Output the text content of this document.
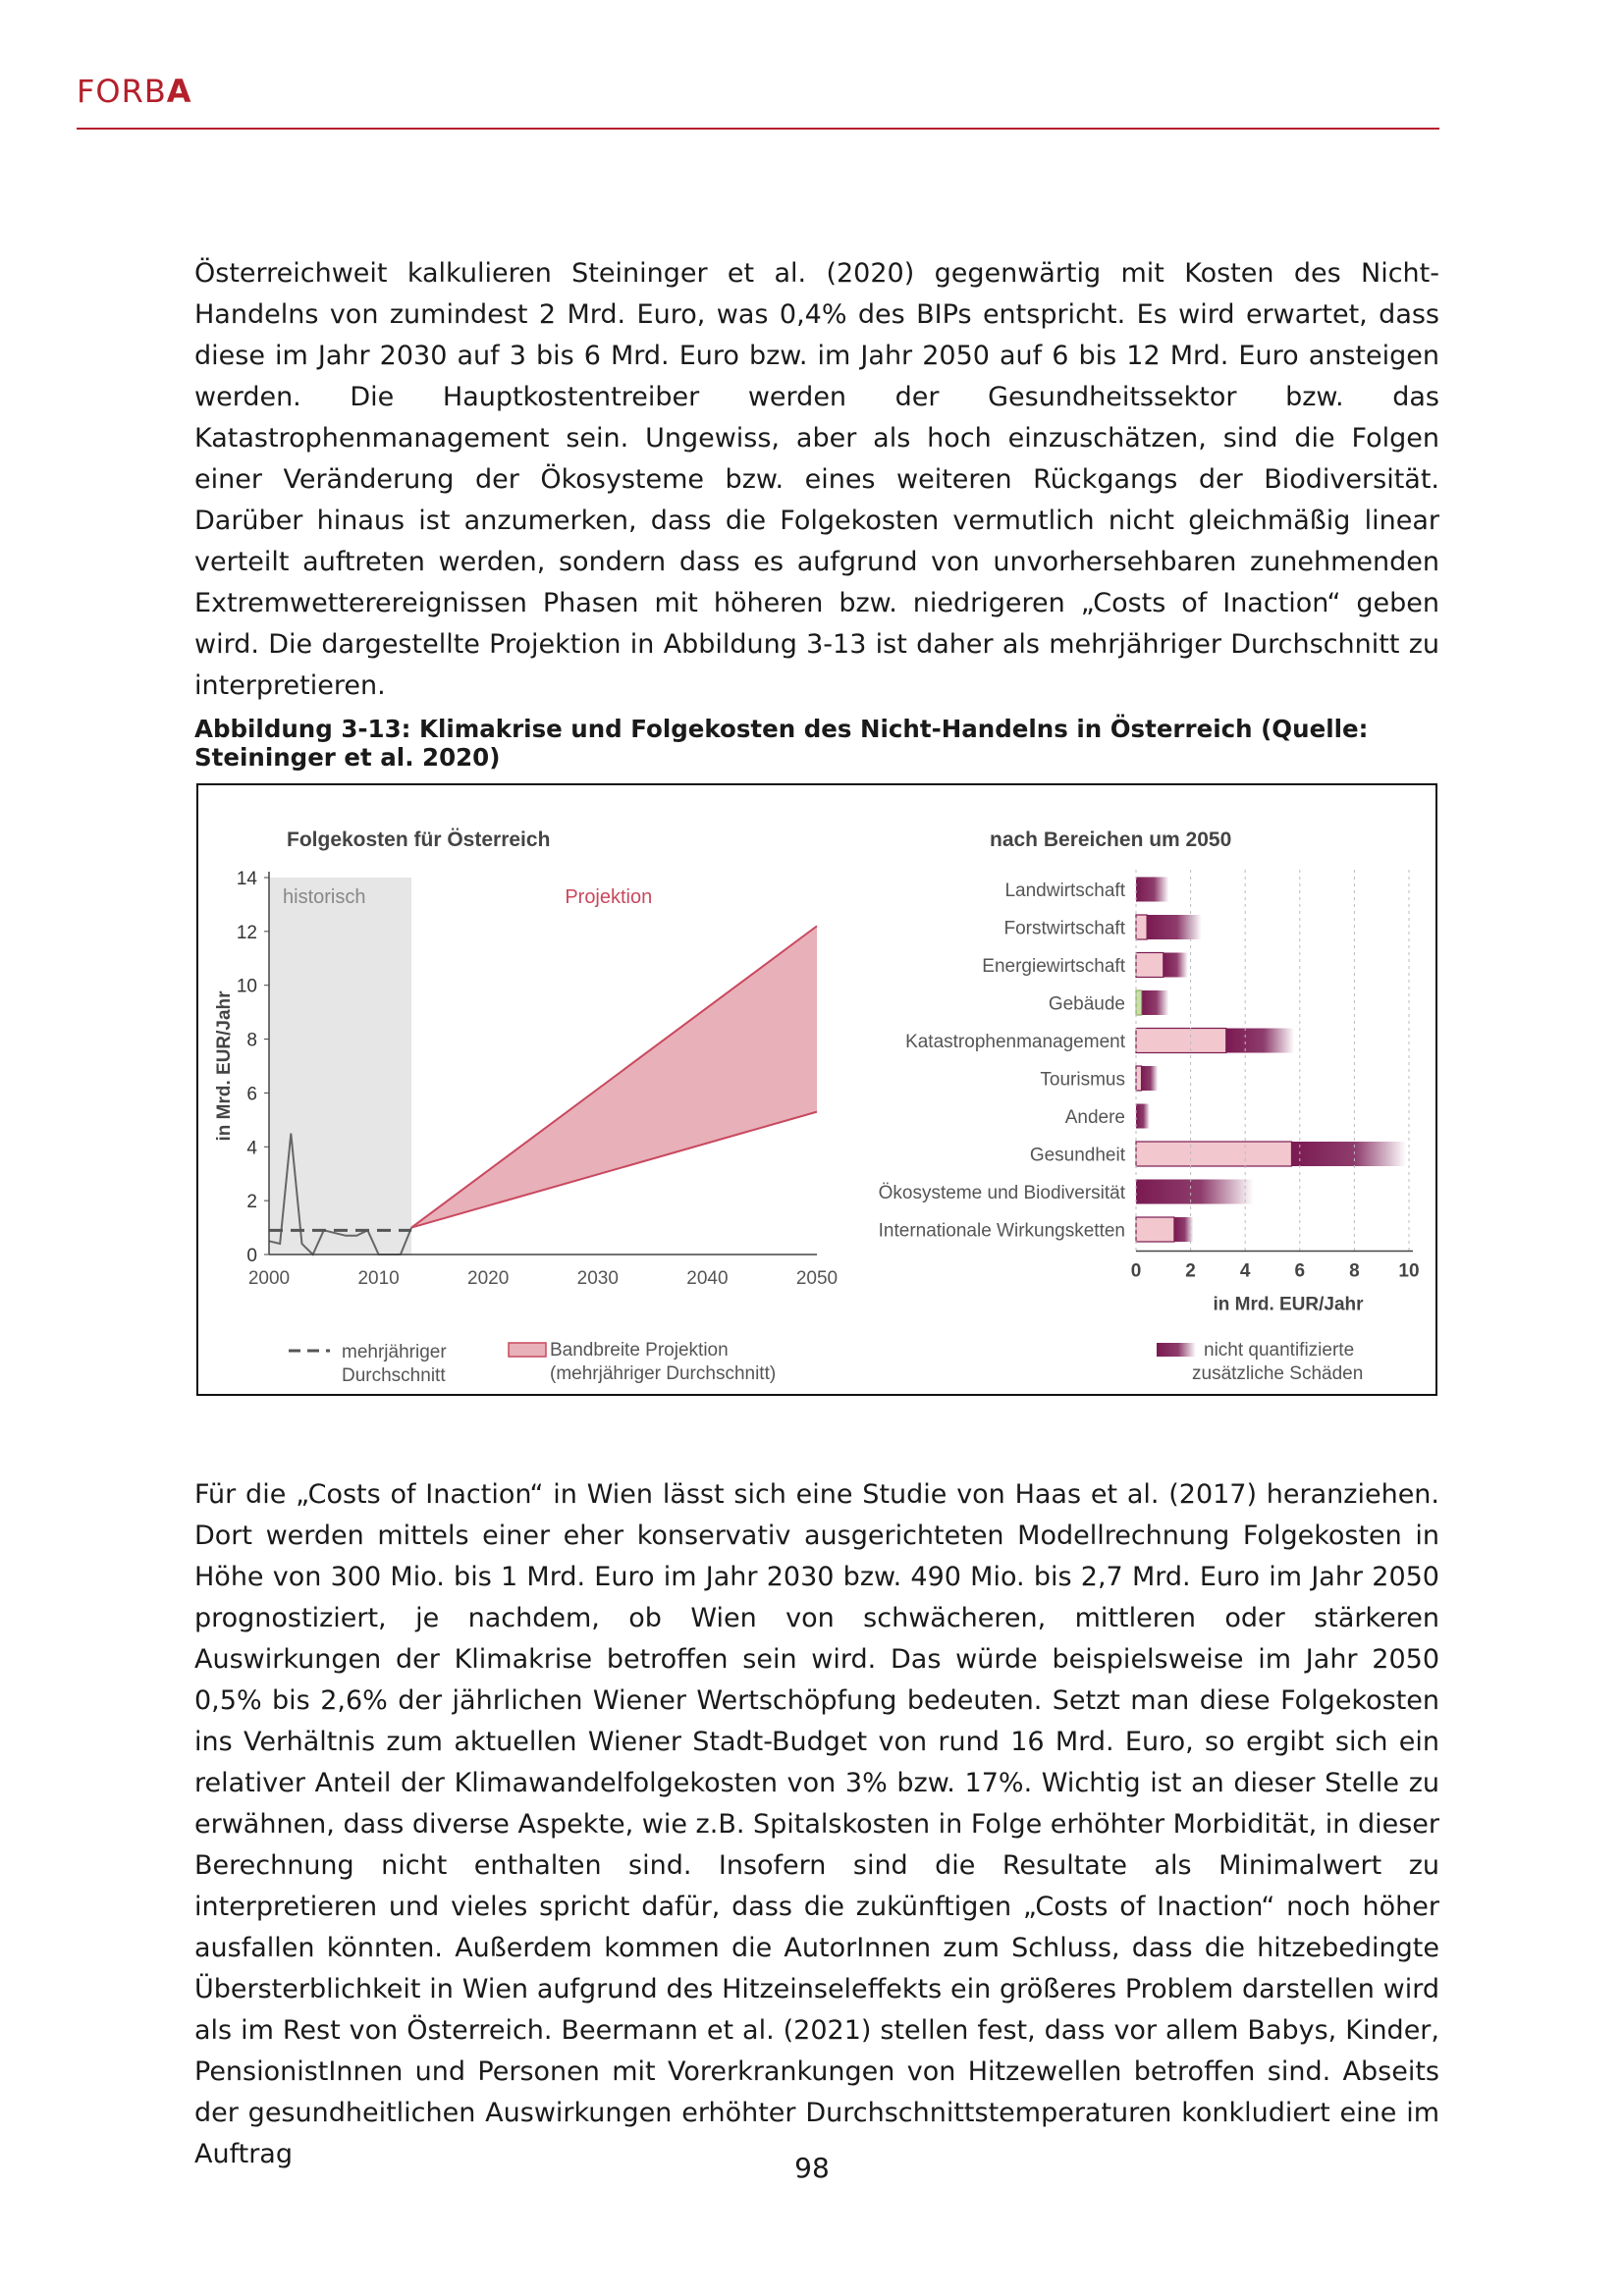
FORBA
Österreichweit kalkulieren Steininger et al. (2020) gegenwärtig mit Kosten des Nicht-Handelns von zumindest 2 Mrd. Euro, was 0,4% des BIPs entspricht. Es wird erwartet, dass diese im Jahr 2030 auf 3 bis 6 Mrd. Euro bzw. im Jahr 2050 auf 6 bis 12 Mrd. Euro ansteigen werden. Die Hauptkostentreiber werden der Gesundheitssektor bzw. das Katastrophenmanagement sein. Ungewiss, aber als hoch einzuschätzen, sind die Folgen einer Veränderung der Ökosysteme bzw. eines weiteren Rückgangs der Biodiversität. Darüber hinaus ist anzumerken, dass die Folgekosten vermutlich nicht gleichmäßig linear verteilt auftreten werden, sondern dass es aufgrund von unvorhersehbaren zunehmenden Extremwetterereignissen Phasen mit höheren bzw. niedrigeren „Costs of Inaction“ geben wird. Die dargestellte Projektion in Abbildung 3-13 ist daher als mehrjähriger Durchschnitt zu interpretieren.
Abbildung 3-13: Klimakrise und Folgekosten des Nicht-Handelns in Österreich (Quelle: Steininger et al. 2020)
Folgekosten für Österreich
historisch	Projektion
0
2
4
6
8
10
12
14
2000	2010	2020	2030	2040	2050
in Mrd. EUR/Jahr
nach Bereichen um 2050
Landwirtschaft
Forstwirtschaft
Energiewirtschaft
Gebäude
Katastrophenmanagement
Tourismus
Andere
Gesundheit
Ökosysteme und Biodiversität
Internationale Wirkungsketten
0 2 4 6 8 10
in Mrd. EUR/Jahr
mehrjähriger
Durchschnitt
Bandbreite Projektion
(mehrjähriger Durchschnitt)
nicht quantifizierte
zusätzliche Schäden
Für die „Costs of Inaction“ in Wien lässt sich eine Studie von Haas et al. (2017) heranziehen. Dort werden mittels einer eher konservativ ausgerichteten Modellrechnung Folgekosten in Höhe von 300 Mio. bis 1 Mrd. Euro im Jahr 2030 bzw. 490 Mio. bis 2,7 Mrd. Euro im Jahr 2050 prognostiziert, je nachdem, ob Wien von schwächeren, mittleren oder stärkeren Auswirkungen der Klimakrise betroffen sein wird. Das würde beispielsweise im Jahr 2050 0,5% bis 2,6% der jährlichen Wiener Wertschöpfung bedeuten. Setzt man diese Folgekosten ins Verhältnis zum aktuellen Wiener Stadt-Budget von rund 16 Mrd. Euro, so ergibt sich ein relativer Anteil der Klimawandelfolgekosten von 3% bzw. 17%. Wichtig ist an dieser Stelle zu erwähnen, dass diverse Aspekte, wie z.B. Spitalskosten in Folge erhöhter Morbidität, in dieser Berechnung nicht enthalten sind. Insofern sind die Resultate als Minimalwert zu interpretieren und vieles spricht dafür, dass die zukünftigen „Costs of Inaction“ noch höher ausfallen könnten. Außerdem kommen die AutorInnen zum Schluss, dass die hitzebedingte Übersterblichkeit in Wien aufgrund des Hitzeinseleffekts ein größeres Problem darstellen wird als im Rest von Österreich. Beermann et al. (2021) stellen fest, dass vor allem Babys, Kinder, PensionistInnen und Personen mit Vorerkrankungen von Hitzewellen betroffen sind. Abseits der gesundheitlichen Auswirkungen erhöhter Durchschnittstemperaturen konkludiert eine im Auftrag	98
